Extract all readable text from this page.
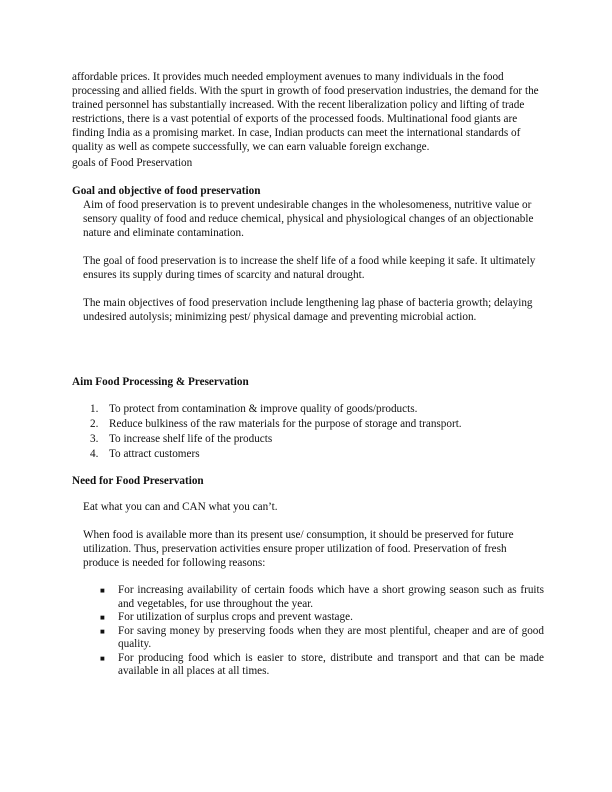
affordable prices. It provides much needed employment avenues to many individuals in the food processing and allied fields. With the spurt in growth of food preservation industries, the demand for the trained personnel has substantially increased. With the recent liberalization policy and lifting of trade restrictions, there is a vast potential of exports of the processed foods. Multinational food giants are finding India as a promising market. In case, Indian products can meet the international standards of quality as well as compete successfully, we can earn valuable foreign exchange.

goals of Food Preservation

Goal and objective of food preservation

Aim of food preservation is to prevent undesirable changes in the wholesomeness, nutritive value or sensory quality of food and reduce chemical, physical and physiological changes of an objectionable nature and eliminate contamination.

The goal of food preservation is to increase the shelf life of a food while keeping it safe. It ultimately ensures its supply during times of scarcity and natural drought.

The main objectives of food preservation include lengthening lag phase of bacteria growth; delaying undesired autolysis; minimizing pest/ physical damage and preventing microbial action.

Aim Food Processing & Preservation
1. To protect from contamination & improve quality of goods/products.
2. Reduce bulkiness of the raw materials for the purpose of storage and transport.
3. To increase shelf life of the products
4. To attract customers
Need for Food Preservation

Eat what you can and CAN what you can’t.

When food is available more than its present use/ consumption, it should be preserved for future utilization. Thus, preservation activities ensure proper utilization of food. Preservation of fresh produce is needed for following reasons:

■ For increasing availability of certain foods which have a short growing season such as fruits and vegetables, for use throughout the year.
■ For utilization of surplus crops and prevent wastage.
■ For saving money by preserving foods when they are most plentiful, cheaper and are of good quality.
■ For producing food which is easier to store, distribute and transport and that can be made available in all places at all times.
